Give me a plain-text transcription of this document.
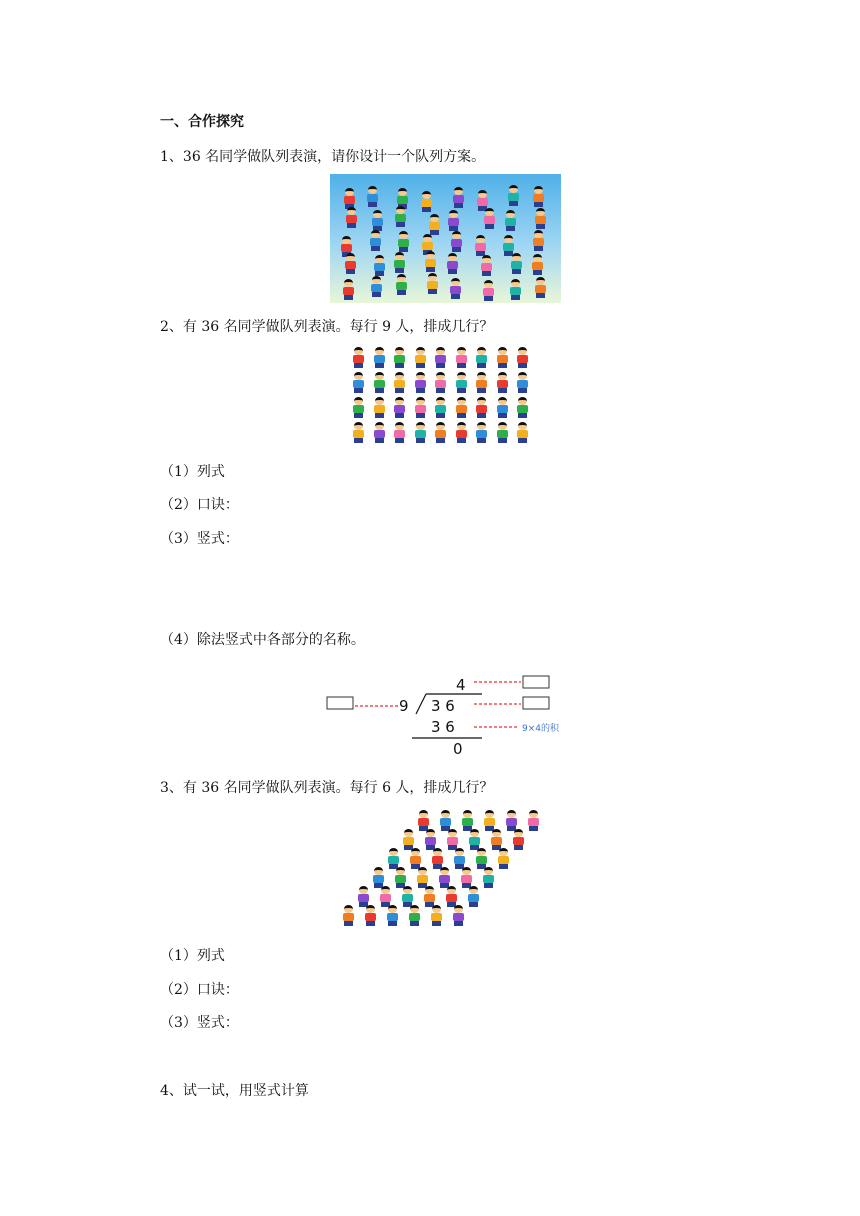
一、合作探究
1、36 名同学做队列表演，请你设计一个队列方案。
2、有 36 名同学做队列表演。每行 9 人，排成几行？
（1）列式
（2）口诀：
（3）竖式：
（4）除法竖式中各部分的名称。
4
9 3 6
3 6
0
9×4的积
3、有 36 名同学做队列表演。每行 6 人，排成几行？
（1）列式
（2）口诀：
（3）竖式：
4、试一试，用竖式计算
